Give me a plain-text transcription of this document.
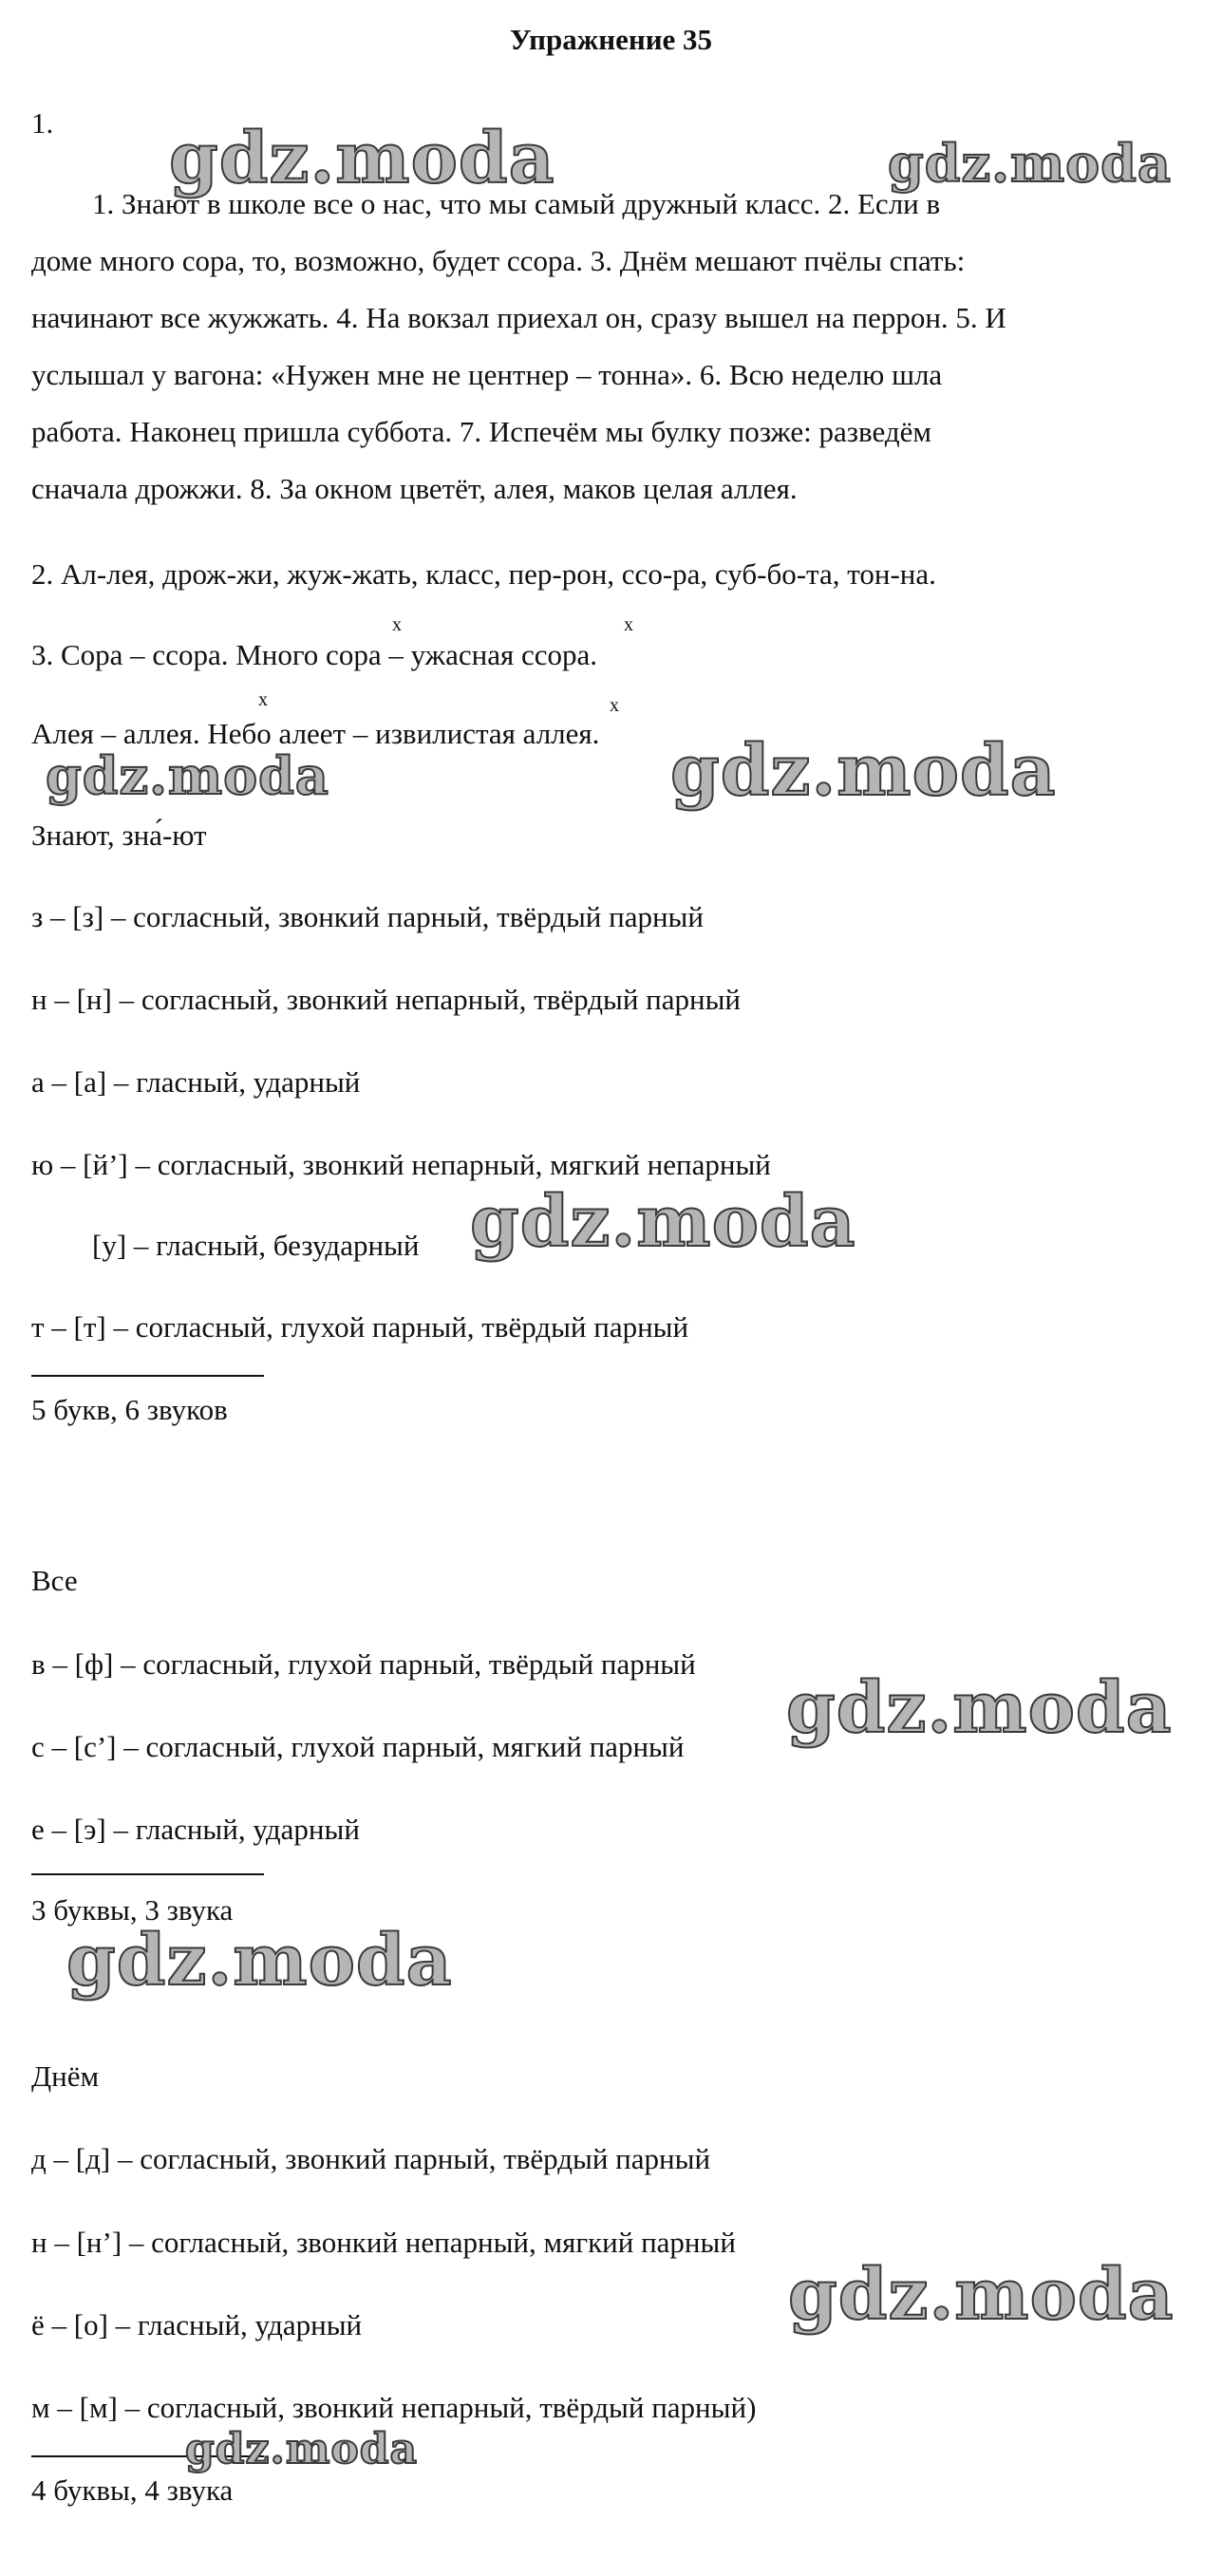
Упражнение 35
1.
1. Знают в школе все о нас, что мы самый дружный класс. 2. Если в
доме много сора, то, возможно, будет ссора. 3. Днём мешают пчёлы спать:
начинают все жужжать. 4. На вокзал приехал он, сразу вышел на перрон. 5. И
услышал у вагона: «Нужен мне не центнер – тонна». 6. Всю неделю шла
работа. Наконец пришла суббота. 7. Испечём мы булку позже: разведём
сначала дрожжи. 8. За окном цветёт, алея, маков целая аллея.
2. Ал-лея, дрож-жи, жуж-жать, класс, пер-рон, ссо-ра, суб-бо-та, тон-на.
x	x
3. Сора – ссора. Много сора – ужасная ссора.
x	x
Алея – аллея. Небо алеет – извилистая аллея.
Знают, зна́-ют
з – [з] – согласный, звонкий парный, твёрдый парный
н – [н] – согласный, звонкий непарный, твёрдый парный
а – [а] – гласный, ударный
ю – [й’] – согласный, звонкий непарный, мягкий непарный
[у] – гласный, безударный
т – [т] – согласный, глухой парный, твёрдый парный
5 букв, 6 звуков
Все
в – [ф] – согласный, глухой парный, твёрдый парный
с – [с’] – согласный, глухой парный, мягкий парный
е – [э] – гласный, ударный
3 буквы, 3 звука
Днём
д – [д] – согласный, звонкий парный, твёрдый парный
н – [н’] – согласный, звонкий непарный, мягкий парный
ё – [о] – гласный, ударный
м – [м] – согласный, звонкий непарный, твёрдый парный)
4 буквы, 4 звука
gdz.moda	gdz.moda
gdz.moda
gdz.moda
gdz.moda
gdz.moda
gdz.moda
gdz.moda
gdz.moda
